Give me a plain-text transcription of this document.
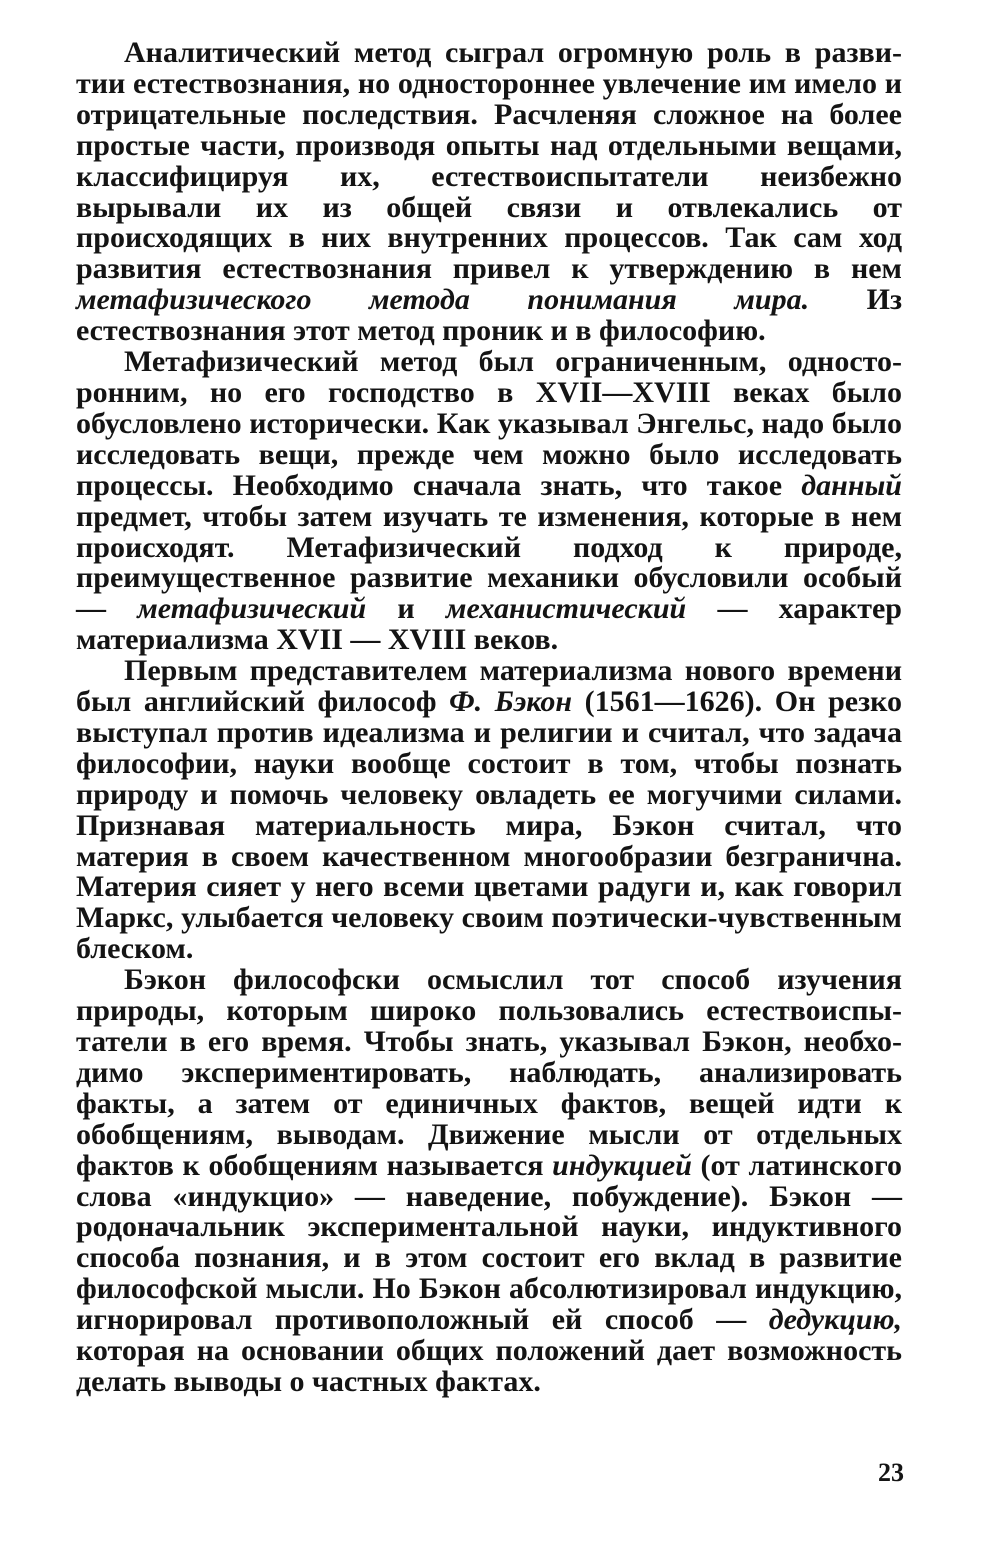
Аналитический метод сыграл огромную роль в развитии естествознания, но одностороннее увлечение им имело и отрицательные последствия. Расчленяя сложное на более простые части, производя опыты над отдельными вещами, классифицируя их, естествоиспытатели неизбежно вырывали их из общей связи и отвлекались от происходящих в них внутренних процессов. Так сам ход развития естествознания привел к утверждению в нем метафизического метода понимания мира. Из естествознания этот метод проник и в философию.

Метафизический метод был ограниченным, односторонним, но его господство в XVII—XVIII веках было обусловлено исторически. Как указывал Энгельс, надо было исследовать вещи, прежде чем можно было исследовать процессы. Необходимо сначала знать, что такое данный предмет, чтобы затем изучать те изменения, которые в нем происходят. Метафизический подход к природе, преимущественное развитие механики обусловили особый — метафизический и механистический — характер материализма XVII — XVIII веков.

Первым представителем материализма нового времени был английский философ Ф. Бэкон (1561—1626). Он резко выступал против идеализма и религии и считал, что задача философии, науки вообще состоит в том, чтобы познать природу и помочь человеку овладеть ее могучими силами. Признавая материальность мира, Бэкон считал, что материя в своем качественном многообразии безгранична. Материя сияет у него всеми цветами радуги и, как говорил Маркс, улыбается человеку своим поэтически-чувственным блеском.

Бэкон философски осмыслил тот способ изучения природы, которым широко пользовались естествоиспытатели в его время. Чтобы знать, указывал Бэкон, необходимо экспериментировать, наблюдать, анализировать факты, а затем от единичных фактов, вещей идти к обобщениям, выводам. Движение мысли от отдельных фактов к обобщениям называется индукцией (от латинского слова «индукцио» — наведение, побуждение). Бэкон — родоначальник экспериментальной науки, индуктивного способа познания, и в этом состоит его вклад в развитие философской мысли. Но Бэкон абсолютизировал индукцию, игнорировал противоположный ей способ — дедукцию, которая на основании общих положений дает возможность делать выводы о частных фактах.

23
